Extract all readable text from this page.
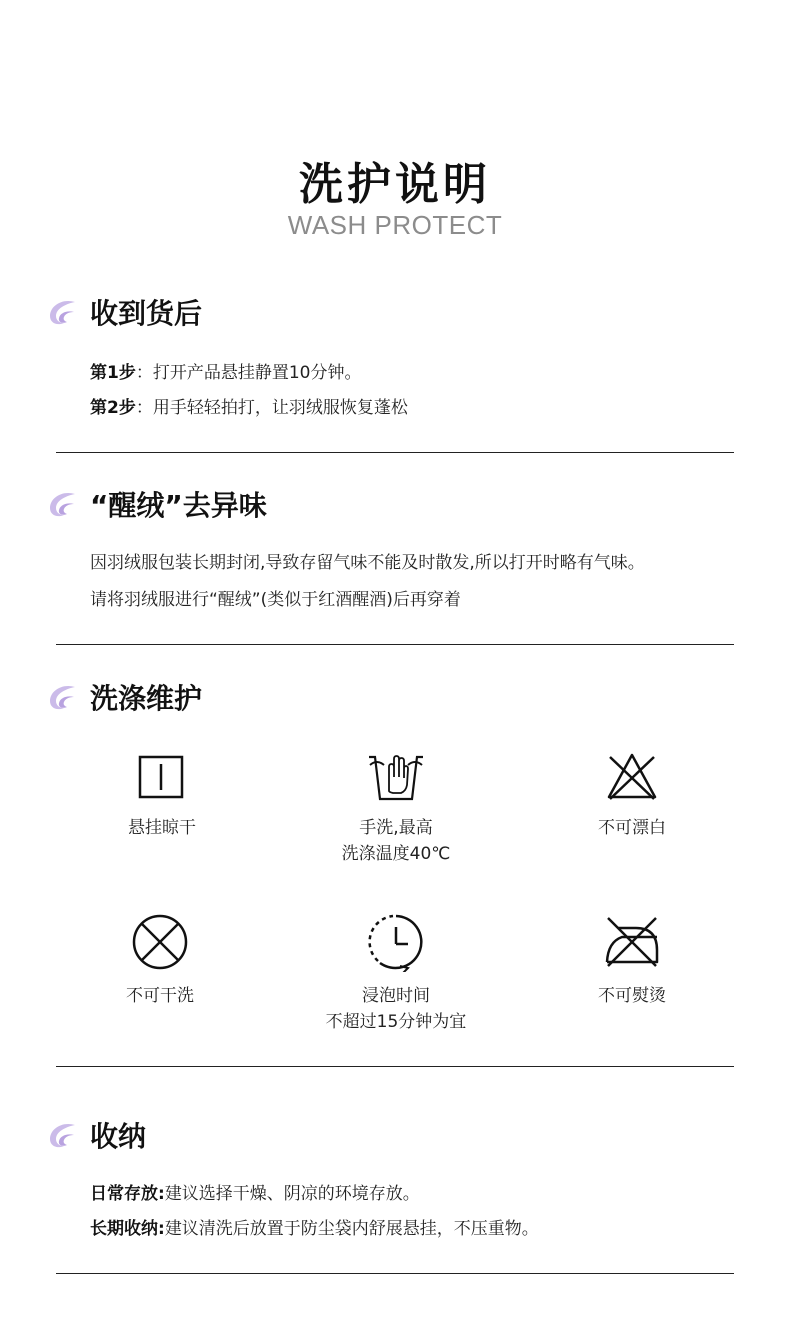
洗护说明
WASH PROTECT
收到货后
第1步：打开产品悬挂静置10分钟。
第2步：用手轻轻拍打，让羽绒服恢复蓬松
“醒绒”去异味
因羽绒服包装长期封闭,导致存留气味不能及时散发,所以打开时略有气味。
请将羽绒服进行“醒绒”(类似于红酒醒酒)后再穿着
洗涤维护
悬挂晾干	手洗,最高
洗涤温度40℃
不可漂白
不可干洗	浸泡时间
不超过15分钟为宜
不可熨烫
收纳
日常存放:建议选择干燥、阴凉的环境存放。
长期收纳:建议清洗后放置于防尘袋内舒展悬挂，不压重物。
